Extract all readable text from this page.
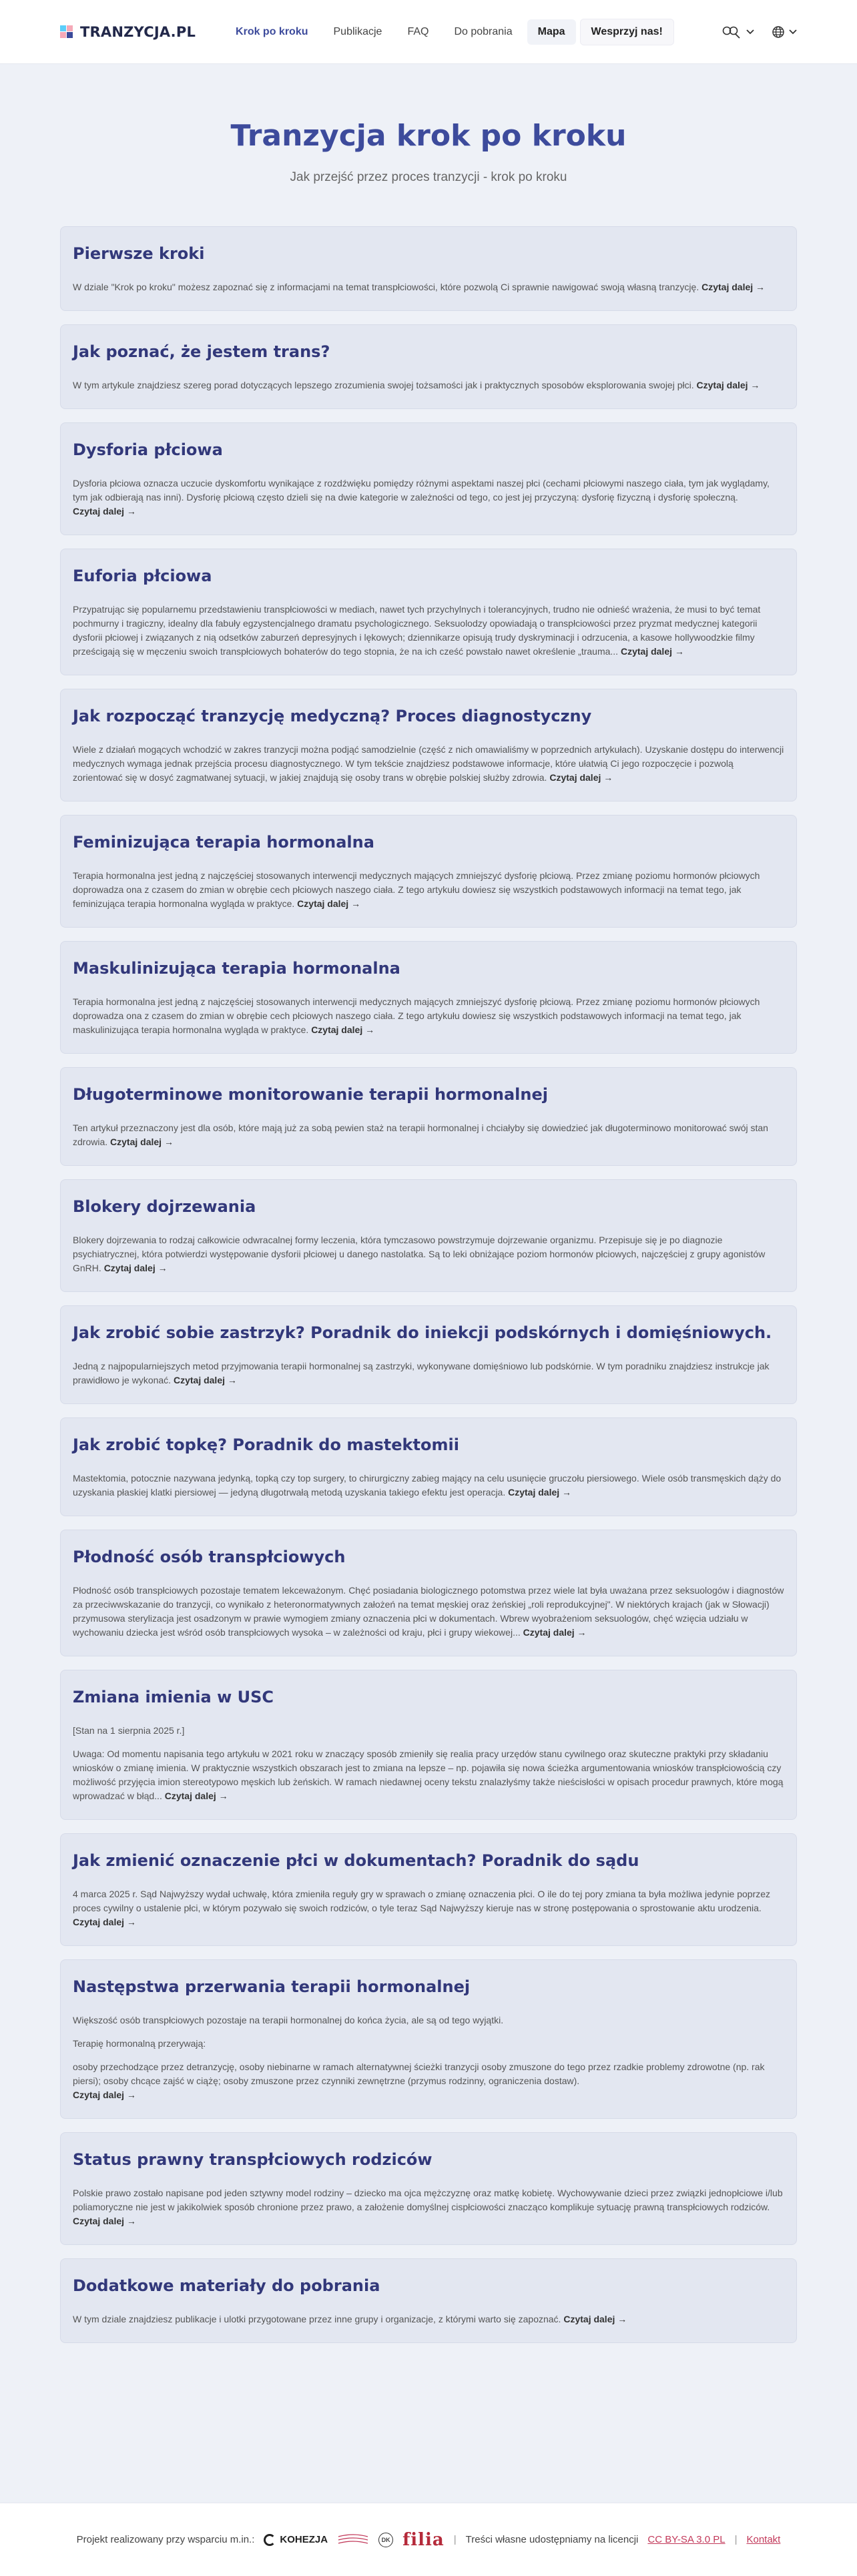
TRANZYCJA.PL	Krok po kroku	Publikacje	FAQ	Do pobrania	Mapa	Wesprzyj nas!
Tranzycja krok po kroku

Jak przejść przez proces tranzycji - krok po kroku

Pierwsze kroki

W dziale "Krok po kroku" możesz zapoznać się z informacjami na temat transpłciowości, które pozwolą Ci sprawnie nawigować swoją własną tranzycję. Czytaj dalej →

Jak poznać, że jestem trans?

W tym artykule znajdziesz szereg porad dotyczących lepszego zrozumienia swojej tożsamości jak i praktycznych sposobów eksplorowania swojej płci. Czytaj dalej →

Dysforia płciowa

Dysforia płciowa oznacza uczucie dyskomfortu wynikające z rozdźwięku pomiędzy różnymi aspektami naszej płci (cechami płciowymi naszego ciała, tym jak wyglądamy, tym jak odbierają nas inni). Dysforię płciową często dzieli się na dwie kategorie w zależności od tego, co jest jej przyczyną: dysforię fizyczną i dysforię społeczną. Czytaj dalej →

Euforia płciowa

Przypatrując się popularnemu przedstawieniu transpłciowości w mediach, nawet tych przychylnych i tolerancyjnych, trudno nie odnieść wrażenia, że musi to być temat pochmurny i tragiczny, idealny dla fabuły egzystencjalnego dramatu psychologicznego. Seksuolodzy opowiadają o transpłciowości przez pryzmat medycznej kategorii dysforii płciowej i związanych z nią odsetków zaburzeń depresyjnych i lękowych; dziennikarze opisują trudy dyskryminacji i odrzucenia, a kasowe hollywoodzkie filmy prześcigają się w męczeniu swoich transpłciowych bohaterów do tego stopnia, że na ich cześć powstało nawet określenie „trauma... Czytaj dalej →

Jak rozpocząć tranzycję medyczną? Proces diagnostyczny

Wiele z działań mogących wchodzić w zakres tranzycji można podjąć samodzielnie (część z nich omawialiśmy w poprzednich artykułach). Uzyskanie dostępu do interwencji medycznych wymaga jednak przejścia procesu diagnostycznego. W tym tekście znajdziesz podstawowe informacje, które ułatwią Ci jego rozpoczęcie i pozwolą zorientować się w dosyć zagmatwanej sytuacji, w jakiej znajdują się osoby trans w obrębie polskiej służby zdrowia. Czytaj dalej →

Feminizująca terapia hormonalna

Terapia hormonalna jest jedną z najczęściej stosowanych interwencji medycznych mających zmniejszyć dysforię płciową. Przez zmianę poziomu hormonów płciowych doprowadza ona z czasem do zmian w obrębie cech płciowych naszego ciała. Z tego artykułu dowiesz się wszystkich podstawowych informacji na temat tego, jak feminizująca terapia hormonalna wygląda w praktyce. Czytaj dalej →

Maskulinizująca terapia hormonalna

Terapia hormonalna jest jedną z najczęściej stosowanych interwencji medycznych mających zmniejszyć dysforię płciową. Przez zmianę poziomu hormonów płciowych doprowadza ona z czasem do zmian w obrębie cech płciowych naszego ciała. Z tego artykułu dowiesz się wszystkich podstawowych informacji na temat tego, jak maskulinizująca terapia hormonalna wygląda w praktyce. Czytaj dalej →

Długoterminowe monitorowanie terapii hormonalnej

Ten artykuł przeznaczony jest dla osób, które mają już za sobą pewien staż na terapii hormonalnej i chciałyby się dowiedzieć jak długoterminowo monitorować swój stan zdrowia. Czytaj dalej →

Blokery dojrzewania

Blokery dojrzewania to rodzaj całkowicie odwracalnej formy leczenia, która tymczasowo powstrzymuje dojrzewanie organizmu. Przepisuje się je po diagnozie psychiatrycznej, która potwierdzi występowanie dysforii płciowej u danego nastolatka. Są to leki obniżające poziom hormonów płciowych, najczęściej z grupy agonistów GnRH. Czytaj dalej →

Jak zrobić sobie zastrzyk? Poradnik do iniekcji podskórnych i domięśniowych.

Jedną z najpopularniejszych metod przyjmowania terapii hormonalnej są zastrzyki, wykonywane domięśniowo lub podskórnie. W tym poradniku znajdziesz instrukcje jak prawidłowo je wykonać. Czytaj dalej →

Jak zrobić topkę? Poradnik do mastektomii

Mastektomia, potocznie nazywana jedynką, topką czy top surgery, to chirurgiczny zabieg mający na celu usunięcie gruczołu piersiowego. Wiele osób transmęskich dąży do uzyskania płaskiej klatki piersiowej — jedyną długotrwałą metodą uzyskania takiego efektu jest operacja. Czytaj dalej →

Płodność osób transpłciowych

Płodność osób transpłciowych pozostaje tematem lekceważonym. Chęć posiadania biologicznego potomstwa przez wiele lat była uważana przez seksuologów i diagnostów za przeciwwskazanie do tranzycji, co wynikało z heteronormatywnych założeń na temat męskiej oraz żeńskiej „roli reprodukcyjnej". W niektórych krajach (jak w Słowacji) przymusowa sterylizacja jest osadzonym w prawie wymogiem zmiany oznaczenia płci w dokumentach. Wbrew wyobrażeniom seksuologów, chęć wzięcia udziału w wychowaniu dziecka jest wśród osób transpłciowych wysoka – w zależności od kraju, płci i grupy wiekowej... Czytaj dalej →

Zmiana imienia w USC

[Stan na 1 sierpnia 2025 r.]

Uwaga: Od momentu napisania tego artykułu w 2021 roku w znaczący sposób zmieniły się realia pracy urzędów stanu cywilnego oraz skuteczne praktyki przy składaniu wniosków o zmianę imienia. W praktycznie wszystkich obszarach jest to zmiana na lepsze – np. pojawiła się nowa ścieżka argumentowania wniosków transpłciowością czy możliwość przyjęcia imion stereotypowo męskich lub żeńskich. W ramach niedawnej oceny tekstu znalazłyśmy także nieścisłości w opisach procedur prawnych, które mogą wprowadzać w błąd... Czytaj dalej →

Jak zmienić oznaczenie płci w dokumentach? Poradnik do sądu

4 marca 2025 r. Sąd Najwyższy wydał uchwałę, która zmieniła reguły gry w sprawach o zmianę oznaczenia płci. O ile do tej pory zmiana ta była możliwa jedynie poprzez proces cywilny o ustalenie płci, w którym pozywało się swoich rodziców, o tyle teraz Sąd Najwyższy kieruje nas w stronę postępowania o sprostowanie aktu urodzenia. Czytaj dalej →

Następstwa przerwania terapii hormonalnej

Większość osób transpłciowych pozostaje na terapii hormonalnej do końca życia, ale są od tego wyjątki.

Terapię hormonalną przerywają:

osoby przechodzące przez detranzycję, osoby niebinarne w ramach alternatywnej ścieżki tranzycji osoby zmuszone do tego przez rzadkie problemy zdrowotne (np. rak piersi); osoby chcące zajść w ciążę; osoby zmuszone przez czynniki zewnętrzne (przymus rodzinny, ograniczenia dostaw).

Czytaj dalej →

Status prawny transpłciowych rodziców

Polskie prawo zostało napisane pod jeden sztywny model rodziny – dziecko ma ojca mężczyznę oraz matkę kobietę. Wychowywanie dzieci przez związki jednopłciowe i/lub poliamoryczne nie jest w jakikolwiek sposób chronione przez prawo, a założenie domyślnej cispłciowości znacząco komplikuje sytuację prawną transpłciowych rodziców. Czytaj dalej →

Dodatkowe materiały do pobrania

W tym dziale znajdziesz publikacje i ulotki przygotowane przez inne grupy i organizacje, z którymi warto się zapoznać. Czytaj dalej →

Projekt realizowany przy wsparciu m.in.:	KOHEZJA	DK filia | Treści własne udostępniamy na licencji CC BY-SA 3.0 PL | Kontakt
